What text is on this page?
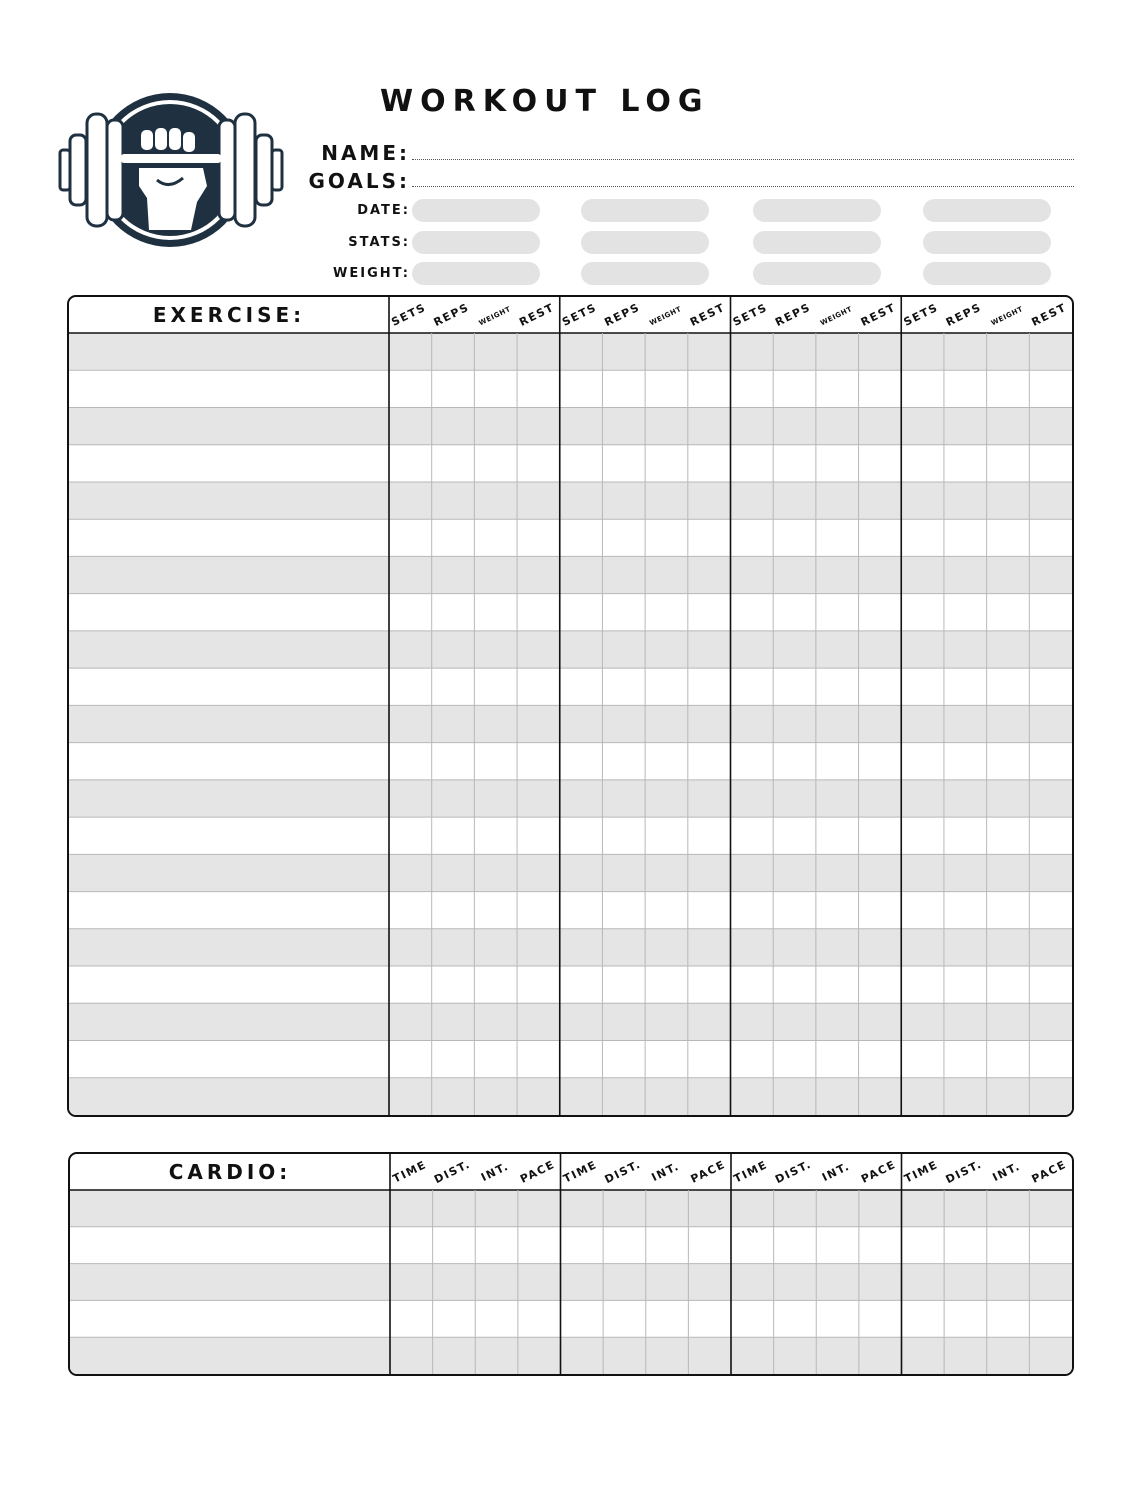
WORKOUT LOG
NAME:
GOALS:
DATE:
STATS:
WEIGHT:
EXERCISE:	SETS REPS WEIGHT REST SETS REPS WEIGHT REST SETS REPS WEIGHT REST SETS REPS WEIGHT REST
CARDIO:	TIME DIST. INT. PACE TIME DIST. INT. PACE TIME DIST. INT. PACE TIME DIST. INT. PACE
